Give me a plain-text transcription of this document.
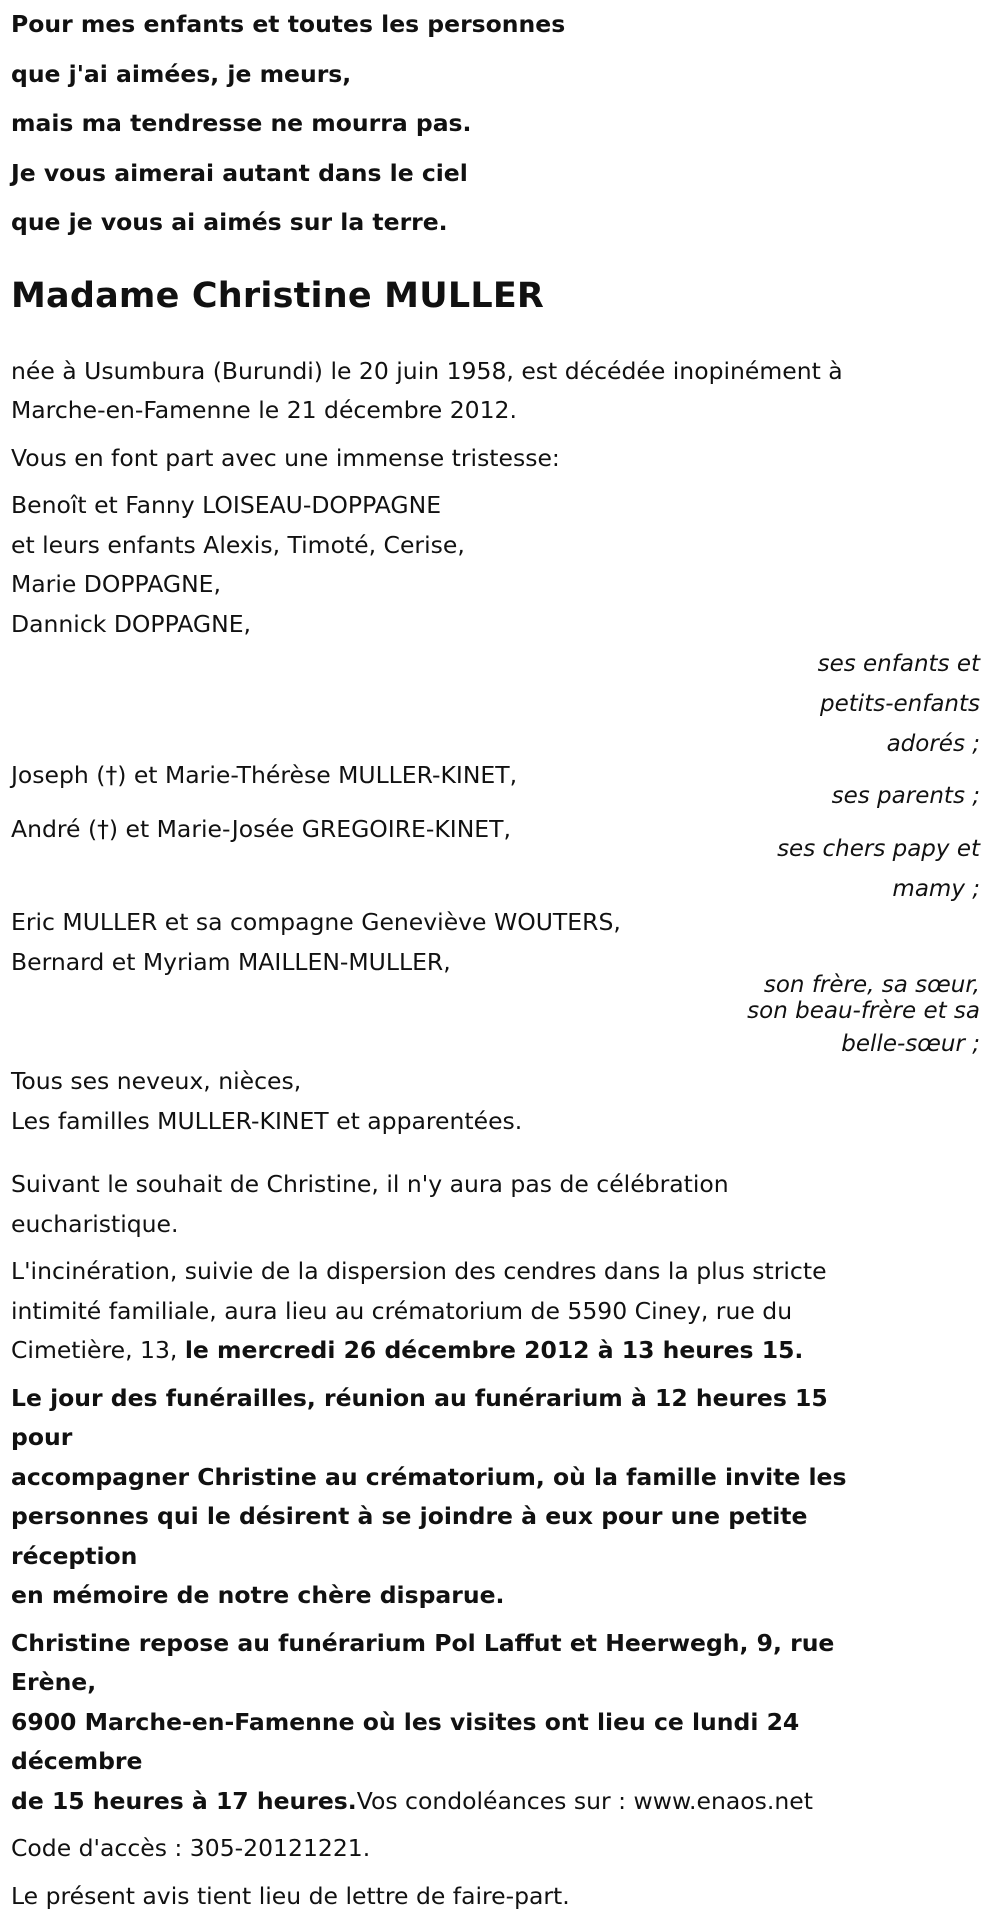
Pour mes enfants et toutes les personnes

que j'ai aimées, je meurs,

mais ma tendresse ne mourra pas.

Je vous aimerai autant dans le ciel

que je vous ai aimés sur la terre.

Madame Christine MULLER

née à Usumbura (Burundi) le 20 juin 1958, est décédée inopinément à

Marche-en-Famenne le 21 décembre 2012.

Vous en font part avec une immense tristesse:

Benoît et Fanny LOISEAU-DOPPAGNE
et leurs enfants Alexis, Timoté, Cerise,
Marie DOPPAGNE,
Dannick DOPPAGNE,
ses enfants et
petits-enfants
adorés ;
Joseph (†) et Marie-Thérèse MULLER-KINET,
ses parents ;
André (†) et Marie-Josée GREGOIRE-KINET,
ses chers papy et
mamy ;
Eric MULLER et sa compagne Geneviève WOUTERS,
Bernard et Myriam MAILLEN-MULLER,
son frère, sa sœur,
son beau-frère et sa
belle-sœur ;
Tous ses neveux, nièces,
Les familles MULLER-KINET et apparentées.

Suivant le souhait de Christine, il n'y aura pas de célébration

eucharistique.

L'incinération, suivie de la dispersion des cendres dans la plus stricte

intimité familiale, aura lieu au crématorium de 5590 Ciney, rue du

Cimetière, 13, le mercredi 26 décembre 2012 à 13 heures 15.

Le jour des funérailles, réunion au funérarium à 12 heures 15 pour

accompagner Christine au crématorium, où la famille invite les

personnes qui le désirent à se joindre à eux pour une petite réception

en mémoire de notre chère disparue.

Christine repose au funérarium Pol Laffut et Heerwegh, 9, rue Erène,

6900 Marche-en-Famenne où les visites ont lieu ce lundi 24 décembre

de 15 heures à 17 heures.Vos condoléances sur : www.enaos.net

Code d'accès : 305-20121221.

Le présent avis tient lieu de lettre de faire-part.
